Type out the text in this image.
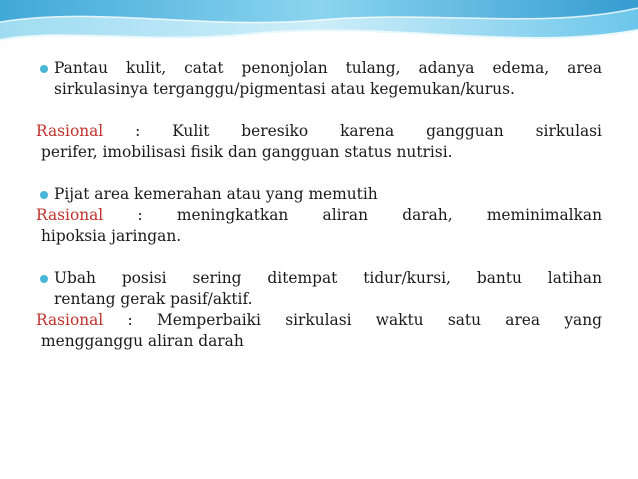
Pantau kulit, catat penonjolan tulang, adanya edema, area
sirkulasinya terganggu/pigmentasi atau kegemukan/kurus.
Rasional : Kulit beresiko karena gangguan sirkulasi
perifer, imobilisasi fisik dan gangguan status nutrisi.
Pijat area kemerahan atau yang memutih
Rasional : meningkatkan aliran darah, meminimalkan
hipoksia jaringan.
Ubah posisi sering ditempat tidur/kursi, bantu latihan
rentang gerak pasif/aktif.
Rasional : Memperbaiki sirkulasi waktu satu area yang
mengganggu aliran darah
